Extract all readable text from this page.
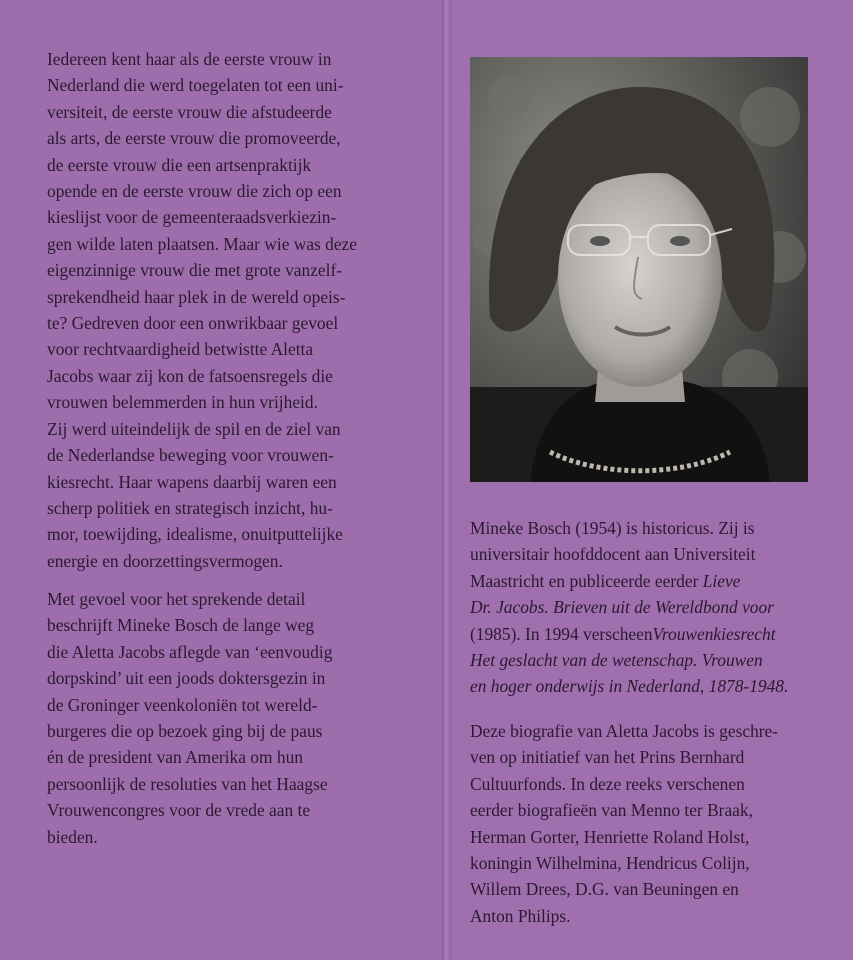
Iedereen kent haar als de eerste vrouw in
Nederland die werd toegelaten tot een uni-
versiteit, de eerste vrouw die afstudeerde
als arts, de eerste vrouw die promoveerde,
de eerste vrouw die een artsenpraktijk
opende en de eerste vrouw die zich op een
kieslijst voor de gemeenteraadsverkiezin-
gen wilde laten plaatsen. Maar wie was deze
eigenzinnige vrouw die met grote vanzelf-
sprekendheid haar plek in de wereld opeis-
te? Gedreven door een onwrikbaar gevoel
voor rechtvaardigheid betwistte Aletta
Jacobs waar zij kon de fatsoensregels die
vrouwen belemmerden in hun vrijheid.
Zij werd uiteindelijk de spil en de ziel van
de Nederlandse beweging voor vrouwen-
kiesrecht. Haar wapens daarbij waren een
scherp politiek en strategisch inzicht, hu-
mor, toewijding, idealisme, onuitputtelijke
energie en doorzettingsvermogen.

Met gevoel voor het sprekende detail
beschrijft Mineke Bosch de lange weg
die Aletta Jacobs aflegde van ‘eenvoudig
dorpskind’ uit een joods doktersgezin in
de Groninger veenkoloniën tot wereld-
burgeres die op bezoek ging bij de paus
én de president van Amerika om hun
persoonlijk de resoluties van het Haagse
Vrouwencongres voor de vrede aan te
bieden.

Mineke Bosch (1954) is historicus. Zij is
universitair hoofddocent aan Universiteit
Maastricht en publiceerde eerder Lieve
Dr. Jacobs. Brieven uit de Wereldbond voor
(1985). In 1994 verscheenVrouwenkiesrecht
Het geslacht van de wetenschap. Vrouwen
en hoger onderwijs in Nederland, 1878-1948.

Deze biografie van Aletta Jacobs is geschre-
ven op initiatief van het Prins Bernhard
Cultuurfonds. In deze reeks verschenen
eerder biografieën van Menno ter Braak,
Herman Gorter, Henriette Roland Holst,
koningin Wilhelmina, Hendricus Colijn,
Willem Drees, D.G. van Beuningen en
Anton Philips.
